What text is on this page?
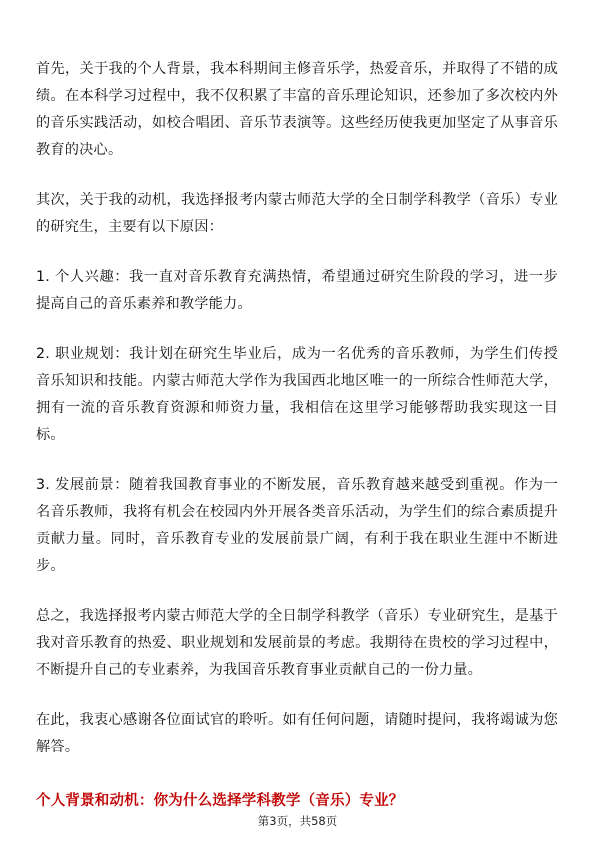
首先，关于我的个人背景，我本科期间主修音乐学，热爱音乐，并取得了不错的成绩。在本科学习过程中，我不仅积累了丰富的音乐理论知识，还参加了多次校内外的音乐实践活动，如校合唱团、音乐节表演等。这些经历使我更加坚定了从事音乐教育的决心。

其次，关于我的动机，我选择报考内蒙古师范大学的全日制学科教学（音乐）专业的研究生，主要有以下原因：

1. 个人兴趣：我一直对音乐教育充满热情，希望通过研究生阶段的学习，进一步提高自己的音乐素养和教学能力。

2. 职业规划：我计划在研究生毕业后，成为一名优秀的音乐教师，为学生们传授音乐知识和技能。内蒙古师范大学作为我国西北地区唯一的一所综合性师范大学，拥有一流的音乐教育资源和师资力量，我相信在这里学习能够帮助我实现这一目标。

3. 发展前景：随着我国教育事业的不断发展，音乐教育越来越受到重视。作为一名音乐教师，我将有机会在校园内外开展各类音乐活动，为学生们的综合素质提升贡献力量。同时，音乐教育专业的发展前景广阔，有利于我在职业生涯中不断进步。

总之，我选择报考内蒙古师范大学的全日制学科教学（音乐）专业研究生，是基于我对音乐教育的热爱、职业规划和发展前景的考虑。我期待在贵校的学习过程中，不断提升自己的专业素养，为我国音乐教育事业贡献自己的一份力量。

在此，我衷心感谢各位面试官的聆听。如有任何问题，请随时提问，我将竭诚为您解答。

个人背景和动机：你为什么选择学科教学（音乐）专业？
第3页，共58页
